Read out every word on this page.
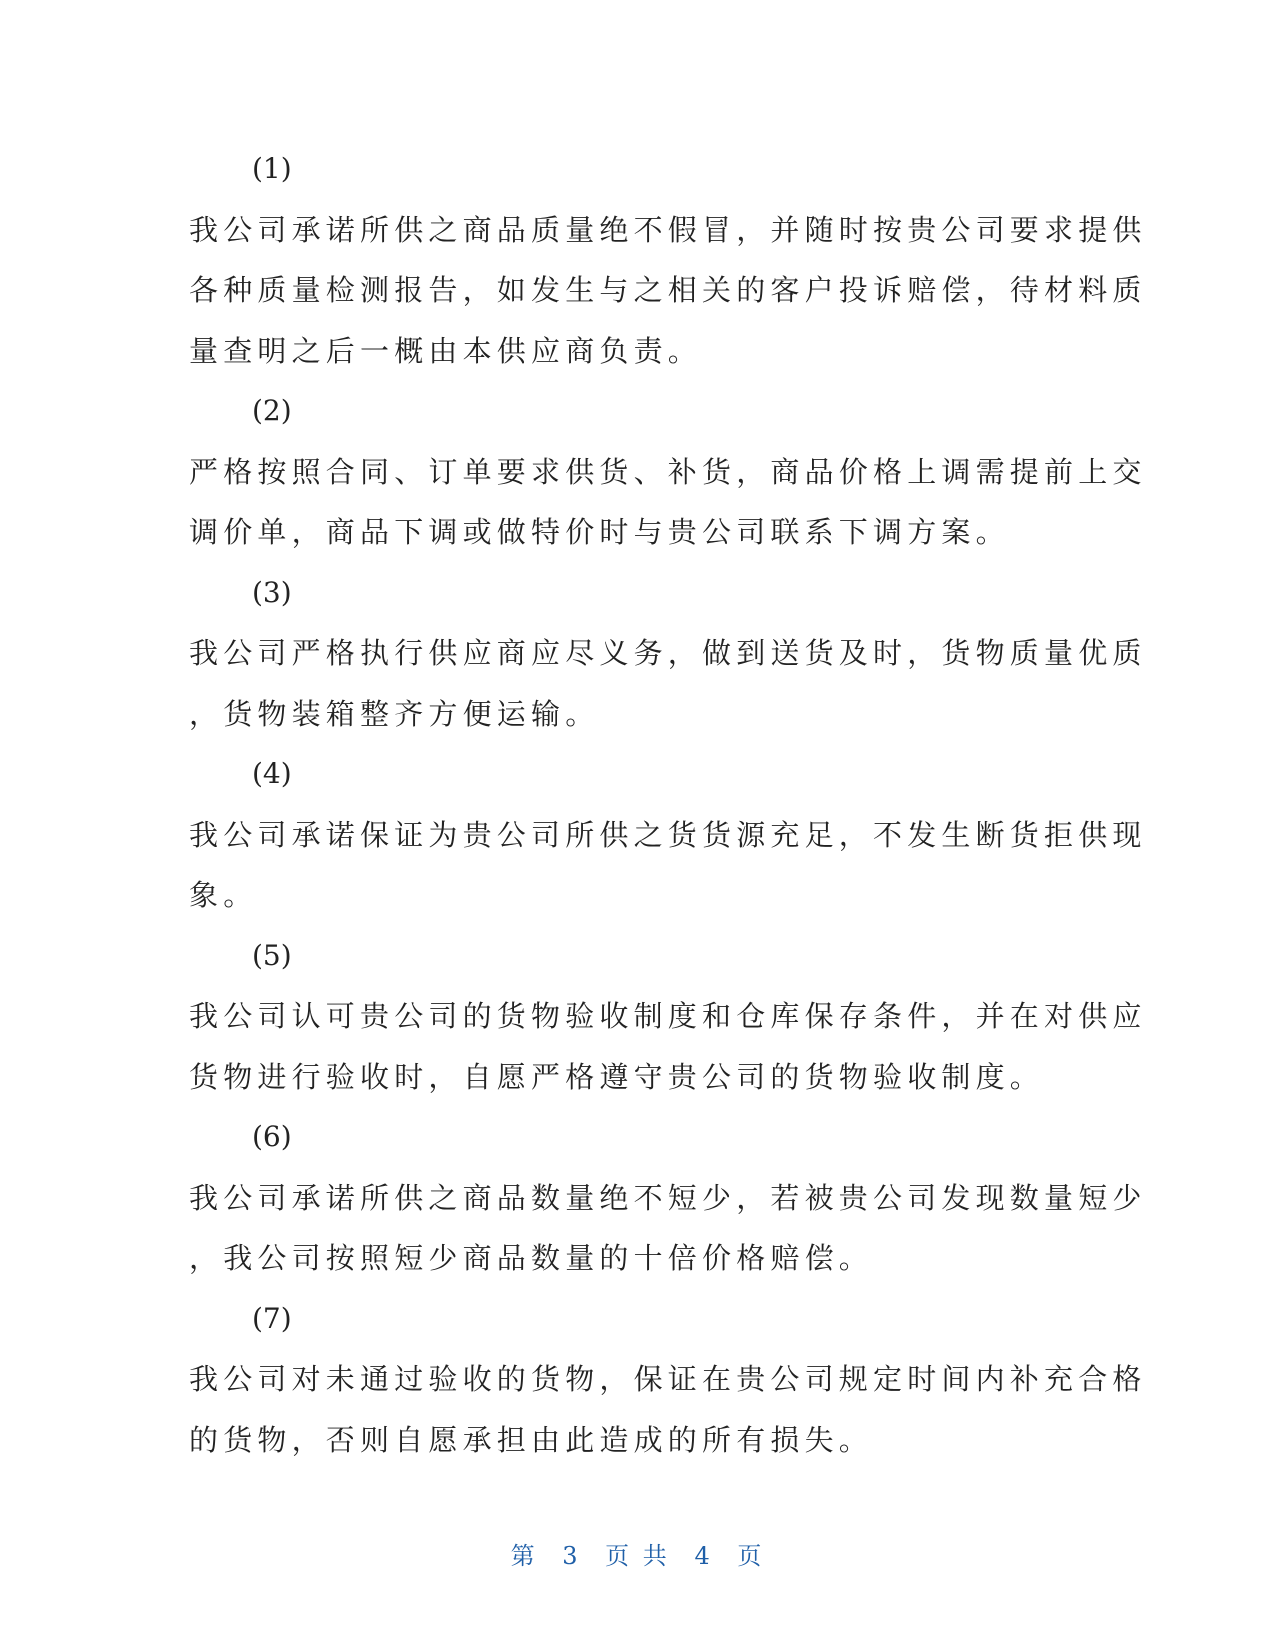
(1)
我公司承诺所供之商品质量绝不假冒，并随时按贵公司要求提供
各种质量检测报告，如发生与之相关的客户投诉赔偿，待材料质
量查明之后一概由本供应商负责。
(2)
严格按照合同、订单要求供货、补货，商品价格上调需提前上交
调价单，商品下调或做特价时与贵公司联系下调方案。
(3)
我公司严格执行供应商应尽义务，做到送货及时，货物质量优质
，货物装箱整齐方便运输。
(4)
我公司承诺保证为贵公司所供之货货源充足，不发生断货拒供现
象。
(5)
我公司认可贵公司的货物验收制度和仓库保存条件，并在对供应
货物进行验收时，自愿严格遵守贵公司的货物验收制度。
(6)
我公司承诺所供之商品数量绝不短少，若被贵公司发现数量短少
，我公司按照短少商品数量的十倍价格赔偿。
(7)
我公司对未通过验收的货物，保证在贵公司规定时间内补充合格
的货物，否则自愿承担由此造成的所有损失。
第 3 页 共 4 页
